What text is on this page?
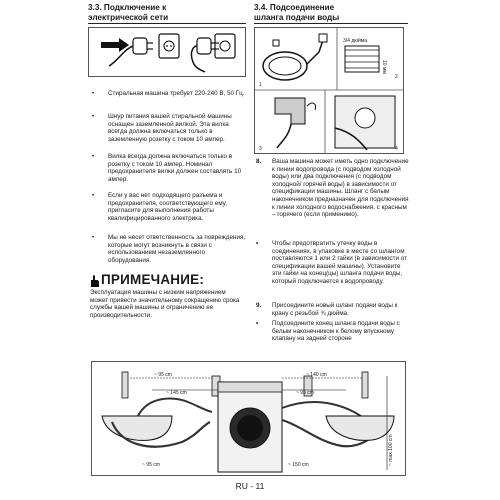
3.3. Подключение к
электрической сети
• Стиральная машина требует 220-240 В, 50 Гц.
• Шнур питания вашей стиральной машины оснащен заземленной вилкой. Эта вилка всегда должна включаться только в заземленную розетку с током 10 ампер.
• Вилка всегда должна включаться только в розетку с током 10 ампер. Номинал предохранителя вилки должен составлять 10 ампер.
• Если у вас нет подходящего разъема и предохранителя, соответствующего ему, пригласите для выполнения работы квалифицированного электрика.
• Мы не несет ответственность за повреждения, которые могут возникнуть в связи с использованием незаземленного оборудования.
ПРИМЕЧАНИЕ:
Эксплуатация машины с низким напряжением может привести значительному сокращению срока службы вашей машины и ограничению ее производительности.
3.4. Подсоединение
шланга подачи воды
1
3/4 дюйма
10 мм
2
3	4
8. Ваша машина может иметь одно подключение к линии водопровода (с подводом холодной воды) или два подключения (с подводом холодной/ горячей воды) в зависимости от спецификации машины. Шланг с белым наконечником предназначен для подключения к линии холодного водоснабжения, с красным – горячего (если применимо).
• Чтобы предотвратить утечку воды в соединениях, в упаковке в месте со шлангом поставляются 1 или 2 гайки (в зависимости от спецификации вашей машины). Установите эти гайки на конец(цы) шланга подачи воды, который подключается к водопроводу.
9. Присоедините новый шланг подачи воды к крану с резьбой ¾ дюйма.
• Подсоедините конец шланга подачи воды с белым наконечником к белому впускному клапану на задней стороне
~ 95 cm
~ 145 cm
~ 140 cm
~ 95 cm
~ 95 cm	~ 150 cm	~ max 100 cm
RU - 11
